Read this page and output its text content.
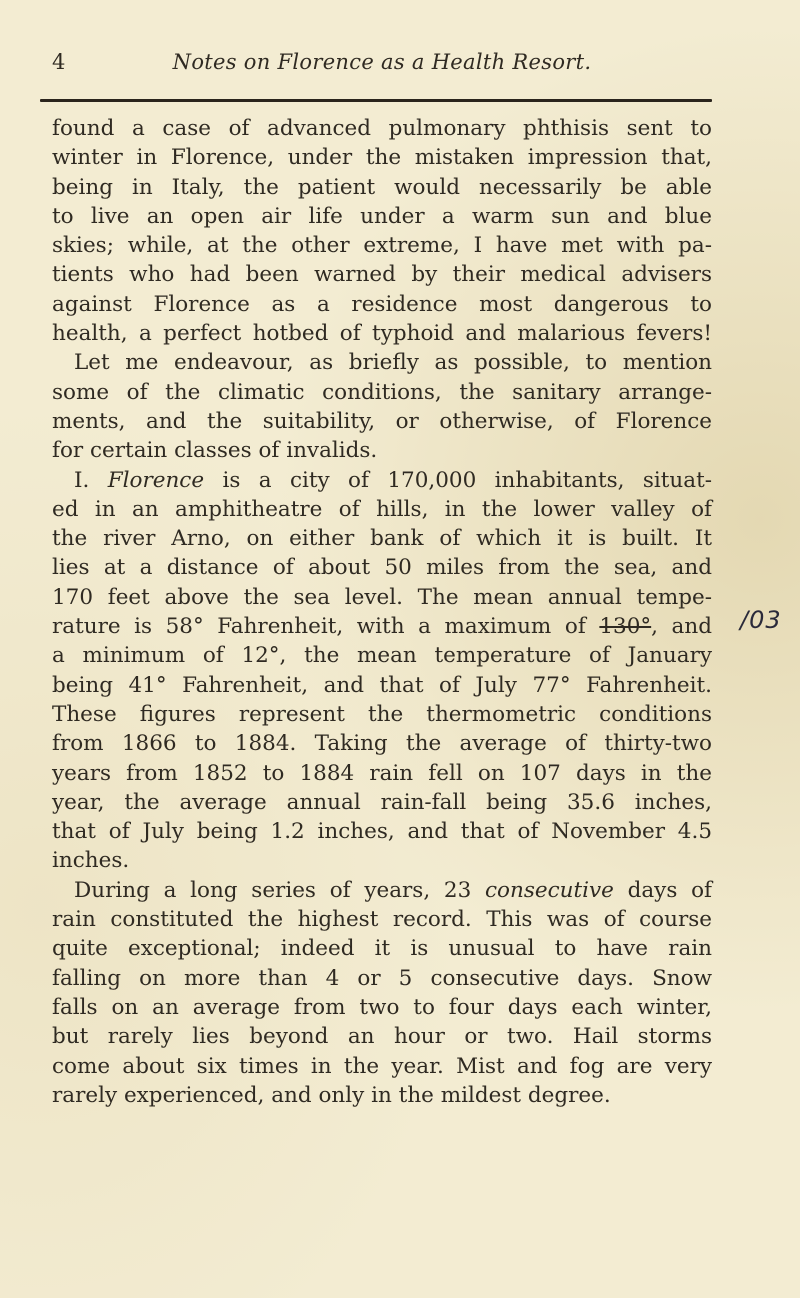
4	Notes on Florence as a Health Resort.
found a case of advanced pulmonary phthisis sent to
winter in Florence, under the mistaken impression that,
being in Italy, the patient would necessarily be able
to live an open air life under a warm sun and blue
skies; while, at the other extreme, I have met with pa-
tients who had been warned by their medical advisers
against Florence as a residence most dangerous to
health, a perfect hotbed of typhoid and malarious fevers!
Let me endeavour, as briefly as possible, to mention
some of the climatic conditions, the sanitary arrange-
ments, and the suitability, or otherwise, of Florence
for certain classes of invalids.
I. Florence is a city of 170,000 inhabitants, situat-
ed in an amphitheatre of hills, in the lower valley of
the river Arno, on either bank of which it is built. It
lies at a distance of about 50 miles from the sea, and
170 feet above the sea level. The mean annual tempe-
rature is 58° Fahrenheit, with a maximum of 130°, and
a minimum of 12°, the mean temperature of January
being 41° Fahrenheit, and that of July 77° Fahrenheit.
These figures represent the thermometric conditions
from 1866 to 1884. Taking the average of thirty-two
years from 1852 to 1884 rain fell on 107 days in the
year, the average annual rain-fall being 35.6 inches,
that of July being 1.2 inches, and that of November 4.5
inches.
During a long series of years, 23 consecutive days of
rain constituted the highest record. This was of course
quite exceptional; indeed it is unusual to have rain
falling on more than 4 or 5 consecutive days. Snow
falls on an average from two to four days each winter,
but rarely lies beyond an hour or two. Hail storms
come about six times in the year. Mist and fog are very
rarely experienced, and only in the mildest degree.
/03
